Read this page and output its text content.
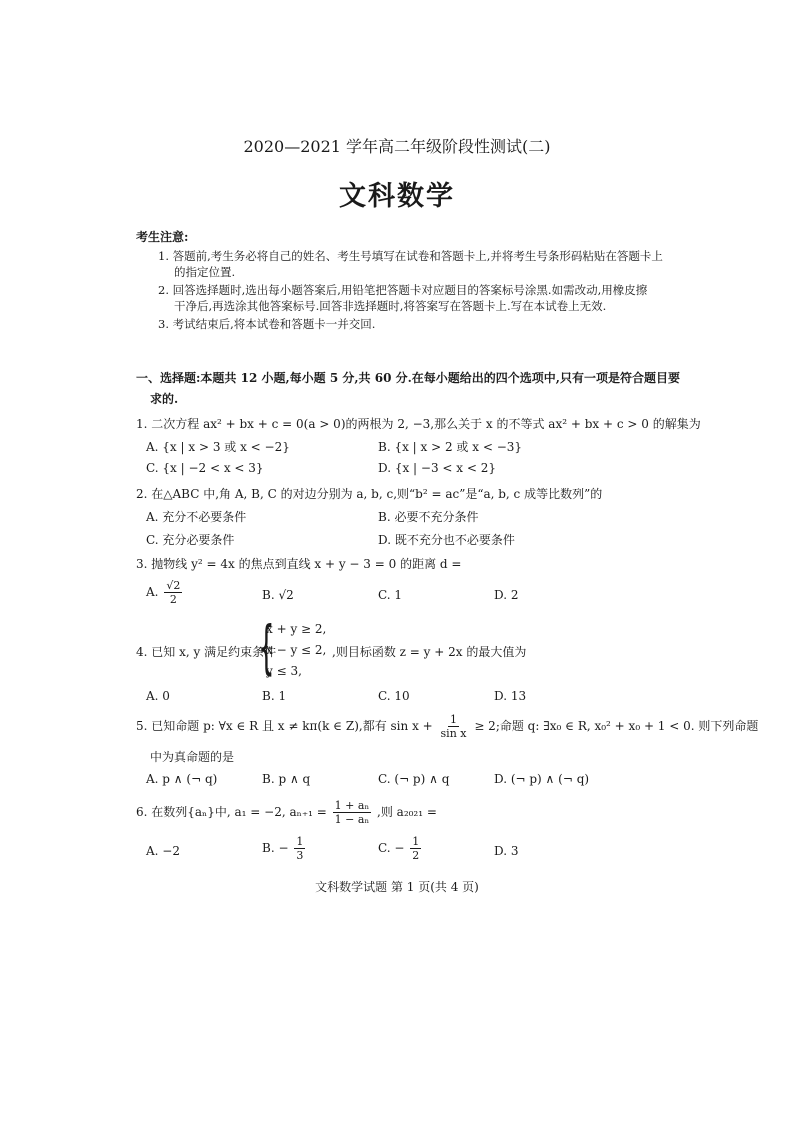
2020—2021 学年高二年级阶段性测试(二)
文科数学
考生注意:
1. 答题前,考生务必将自己的姓名、考生号填写在试卷和答题卡上,并将考生号条形码粘贴在答题卡上
的指定位置.
2. 回答选择题时,选出每小题答案后,用铅笔把答题卡对应题目的答案标号涂黑.如需改动,用橡皮擦
干净后,再选涂其他答案标号.回答非选择题时,将答案写在答题卡上.写在本试卷上无效.
3. 考试结束后,将本试卷和答题卡一并交回.
一、选择题:本题共 12 小题,每小题 5 分,共 60 分.在每小题给出的四个选项中,只有一项是符合题目要
求的.
1. 二次方程 ax² + bx + c = 0(a > 0)的两根为 2, −3,那么关于 x 的不等式 ax² + bx + c > 0 的解集为
A. {x | x > 3 或 x < −2}	B. {x | x > 2 或 x < −3}
C. {x | −2 < x < 3}	D. {x | −3 < x < 2}
2. 在△ABC 中,角 A, B, C 的对边分别为 a, b, c,则“b² = ac”是“a, b, c 成等比数列”的
A. 充分不必要条件	B. 必要不充分条件
C. 充分必要条件	D. 既不充分也不必要条件
3. 抛物线 y² = 4x 的焦点到直线 x + y − 3 = 0 的距离 d =
A. $\frac{√2}{2}$	B. √2	C. 1	D. 2
{
x + y ≥ 2,
4. 已知 x, y 满足约束条件
x − y ≤ 2, ,则目标函数 z = y + 2x 的最大值为
y ≤ 3,
A. 0	B. 1	C. 10	D. 13
5. 已知命题 p: ∀x ∈ R 且 x ≠ kπ(k ∈ Z),都有 $\sin x + \frac{1}{\text{sin x}} \ge 2$;命题 q: ∃x₀ ∈ R, x₀² + x₀ + 1 < 0. 则下列命题
中为真命题的是
A. p ∧ (¬ q)	B. p ∧ q	C. (¬ p) ∧ q	D. (¬ p) ∧ (¬ q)
6. 在数列{aₙ}中, a₁ = −2, $a_{n+1} = \frac{\text{1 + aₙ}}{\text{1 − aₙ}}$ ,则 a₂₀₂₁ =
A. −2	B. − $\frac{1}{3}$	C. − $\frac{1}{2}$	D. 3
文科数学试题 第 1 页(共 4 页)
